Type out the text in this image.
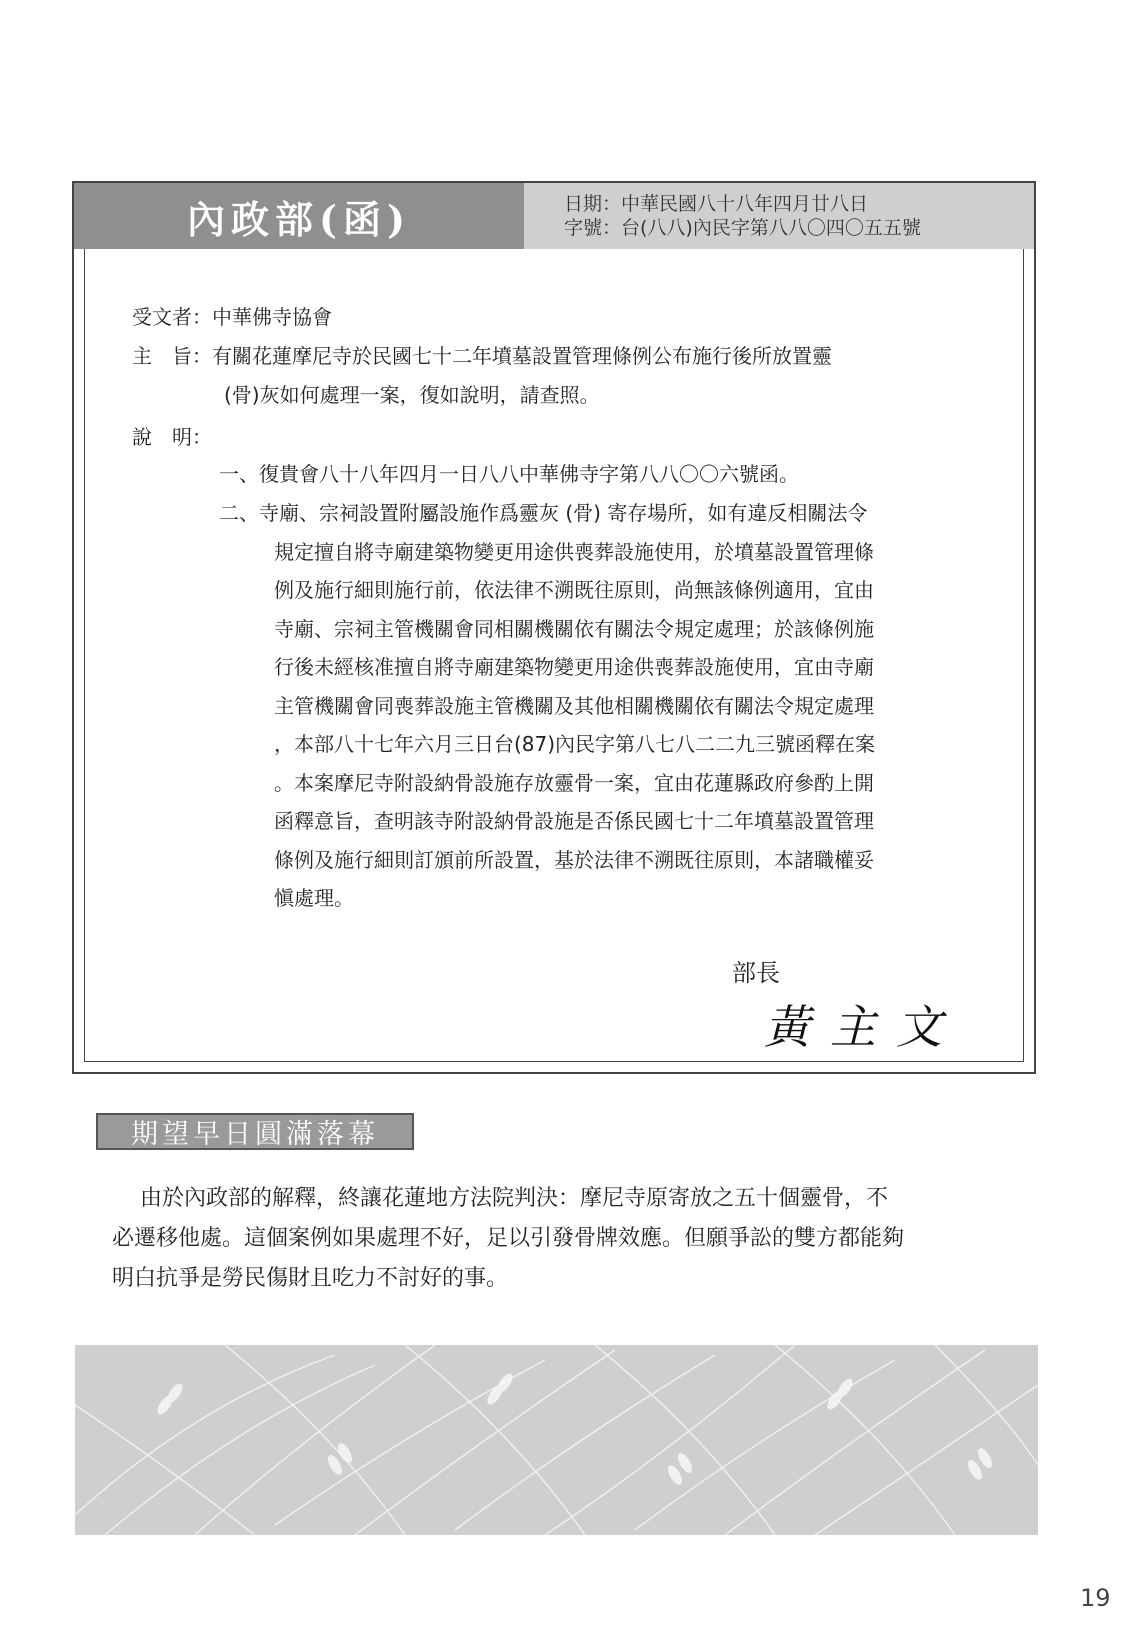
內政部(函)	日期：中華民國八十八年四月廿八日
字號：台(八八)內民字第八八〇四〇五五號
受文者：中華佛寺協會
主　旨：有關花蓮摩尼寺於民國七十二年墳墓設置管理條例公布施行後所放置靈
(骨)灰如何處理一案，復如說明，請查照。
說　明：
一、復貴會八十八年四月一日八八中華佛寺字第八八〇〇六號函。
二、寺廟、宗祠設置附屬設施作爲靈灰 (骨) 寄存場所，如有違反相關法令
規定擅自將寺廟建築物變更用途供喪葬設施使用，於墳墓設置管理條
例及施行細則施行前，依法律不溯既往原則，尚無該條例適用，宜由
寺廟、宗祠主管機關會同相關機關依有關法令規定處理；於該條例施
行後未經核准擅自將寺廟建築物變更用途供喪葬設施使用，宜由寺廟
主管機關會同喪葬設施主管機關及其他相關機關依有關法令規定處理
，本部八十七年六月三日台(87)內民字第八七八二二九三號函釋在案
。本案摩尼寺附設納骨設施存放靈骨一案，宜由花蓮縣政府參酌上開
函釋意旨，查明該寺附設納骨設施是否係民國七十二年墳墓設置管理
條例及施行細則訂頒前所設置，基於法律不溯既往原則，本諸職權妥
愼處理。
部長
黃主文
期望早日圓滿落幕
由於內政部的解釋，終讓花蓮地方法院判決：摩尼寺原寄放之五十個靈骨，不
必遷移他處。這個案例如果處理不好，足以引發骨牌效應。但願爭訟的雙方都能夠
明白抗爭是勞民傷財且吃力不討好的事。
19
